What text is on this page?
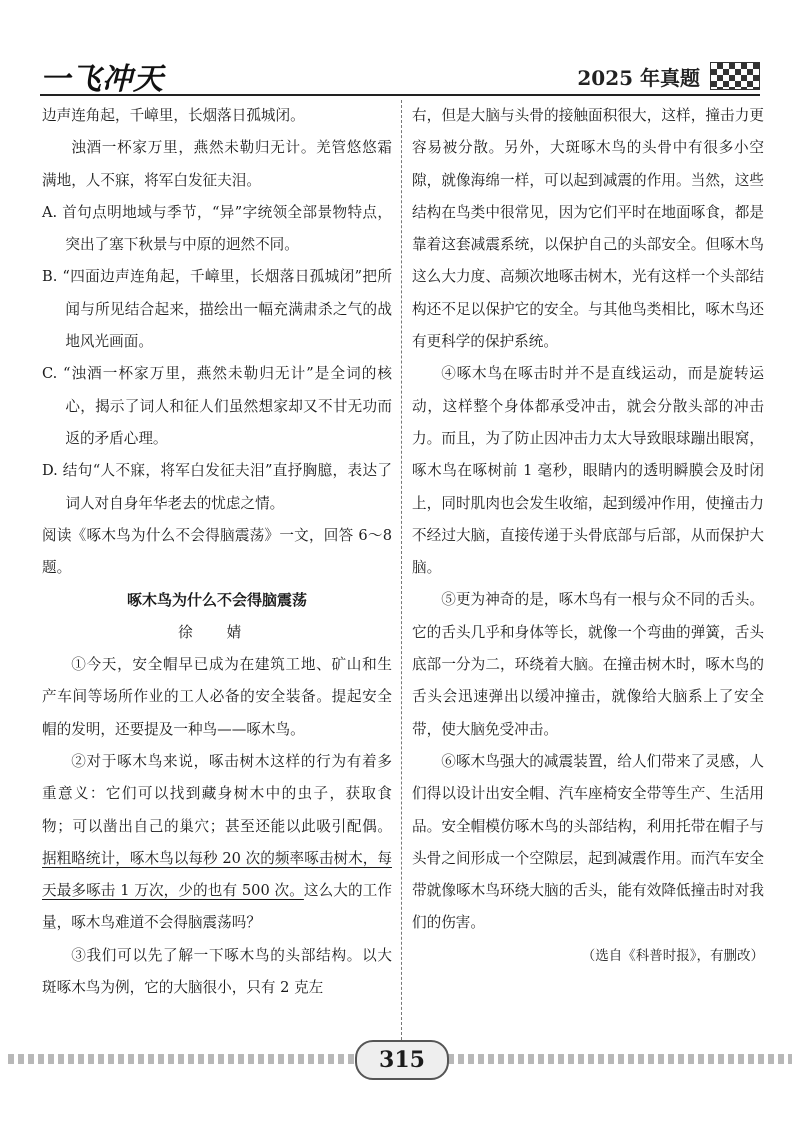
一飞冲天	2025 年真题

边声连角起，千嶂里，长烟落日孤城闭。

浊酒一杯家万里，燕然未勒归无计。羌管悠悠霜满地，人不寐，将军白发征夫泪。

A. 首句点明地域与季节，“异”字统领全部景物特点，突出了塞下秋景与中原的迥然不同。

B. “四面边声连角起，千嶂里，长烟落日孤城闭”把所闻与所见结合起来，描绘出一幅充满肃杀之气的战地风光画面。

C. “浊酒一杯家万里，燕然未勒归无计”是全词的核心，揭示了词人和征人们虽然想家却又不甘无功而返的矛盾心理。

D. 结句“人不寐，将军白发征夫泪”直抒胸臆，表达了词人对自身年华老去的忧虑之情。

阅读《啄木鸟为什么不会得脑震荡》一文，回答 6～8 题。

啄木鸟为什么不会得脑震荡

徐 婧

①今天，安全帽早已成为在建筑工地、矿山和生产车间等场所作业的工人必备的安全装备。提起安全帽的发明，还要提及一种鸟——啄木鸟。

②对于啄木鸟来说，啄击树木这样的行为有着多重意义：它们可以找到藏身树木中的虫子，获取食物；可以凿出自己的巢穴；甚至还能以此吸引配偶。据粗略统计，啄木鸟以每秒 20 次的频率啄击树木，每天最多啄击 1 万次，少的也有 500 次。这么大的工作量，啄木鸟难道不会得脑震荡吗？

③我们可以先了解一下啄木鸟的头部结构。以大斑啄木鸟为例，它的大脑很小，只有 2 克左

右，但是大脑与头骨的接触面积很大，这样，撞击力更容易被分散。另外，大斑啄木鸟的头骨中有很多小空隙，就像海绵一样，可以起到减震的作用。当然，这些结构在鸟类中很常见，因为它们平时在地面啄食，都是靠着这套减震系统，以保护自己的头部安全。但啄木鸟这么大力度、高频次地啄击树木，光有这样一个头部结构还不足以保护它的安全。与其他鸟类相比，啄木鸟还有更科学的保护系统。

④啄木鸟在啄击时并不是直线运动，而是旋转运动，这样整个身体都承受冲击，就会分散头部的冲击力。而且，为了防止因冲击力太大导致眼球蹦出眼窝，啄木鸟在啄树前 1 毫秒，眼睛内的透明瞬膜会及时闭上，同时肌肉也会发生收缩，起到缓冲作用，使撞击力不经过大脑，直接传递于头骨底部与后部，从而保护大脑。

⑤更为神奇的是，啄木鸟有一根与众不同的舌头。它的舌头几乎和身体等长，就像一个弯曲的弹簧，舌头底部一分为二，环绕着大脑。在撞击树木时，啄木鸟的舌头会迅速弹出以缓冲撞击，就像给大脑系上了安全带，使大脑免受冲击。

⑥啄木鸟强大的减震装置，给人们带来了灵感，人们得以设计出安全帽、汽车座椅安全带等生产、生活用品。安全帽模仿啄木鸟的头部结构，利用托带在帽子与头骨之间形成一个空隙层，起到减震作用。而汽车安全带就像啄木鸟环绕大脑的舌头，能有效降低撞击时对我们的伤害。

（选自《科普时报》，有删改）

315
